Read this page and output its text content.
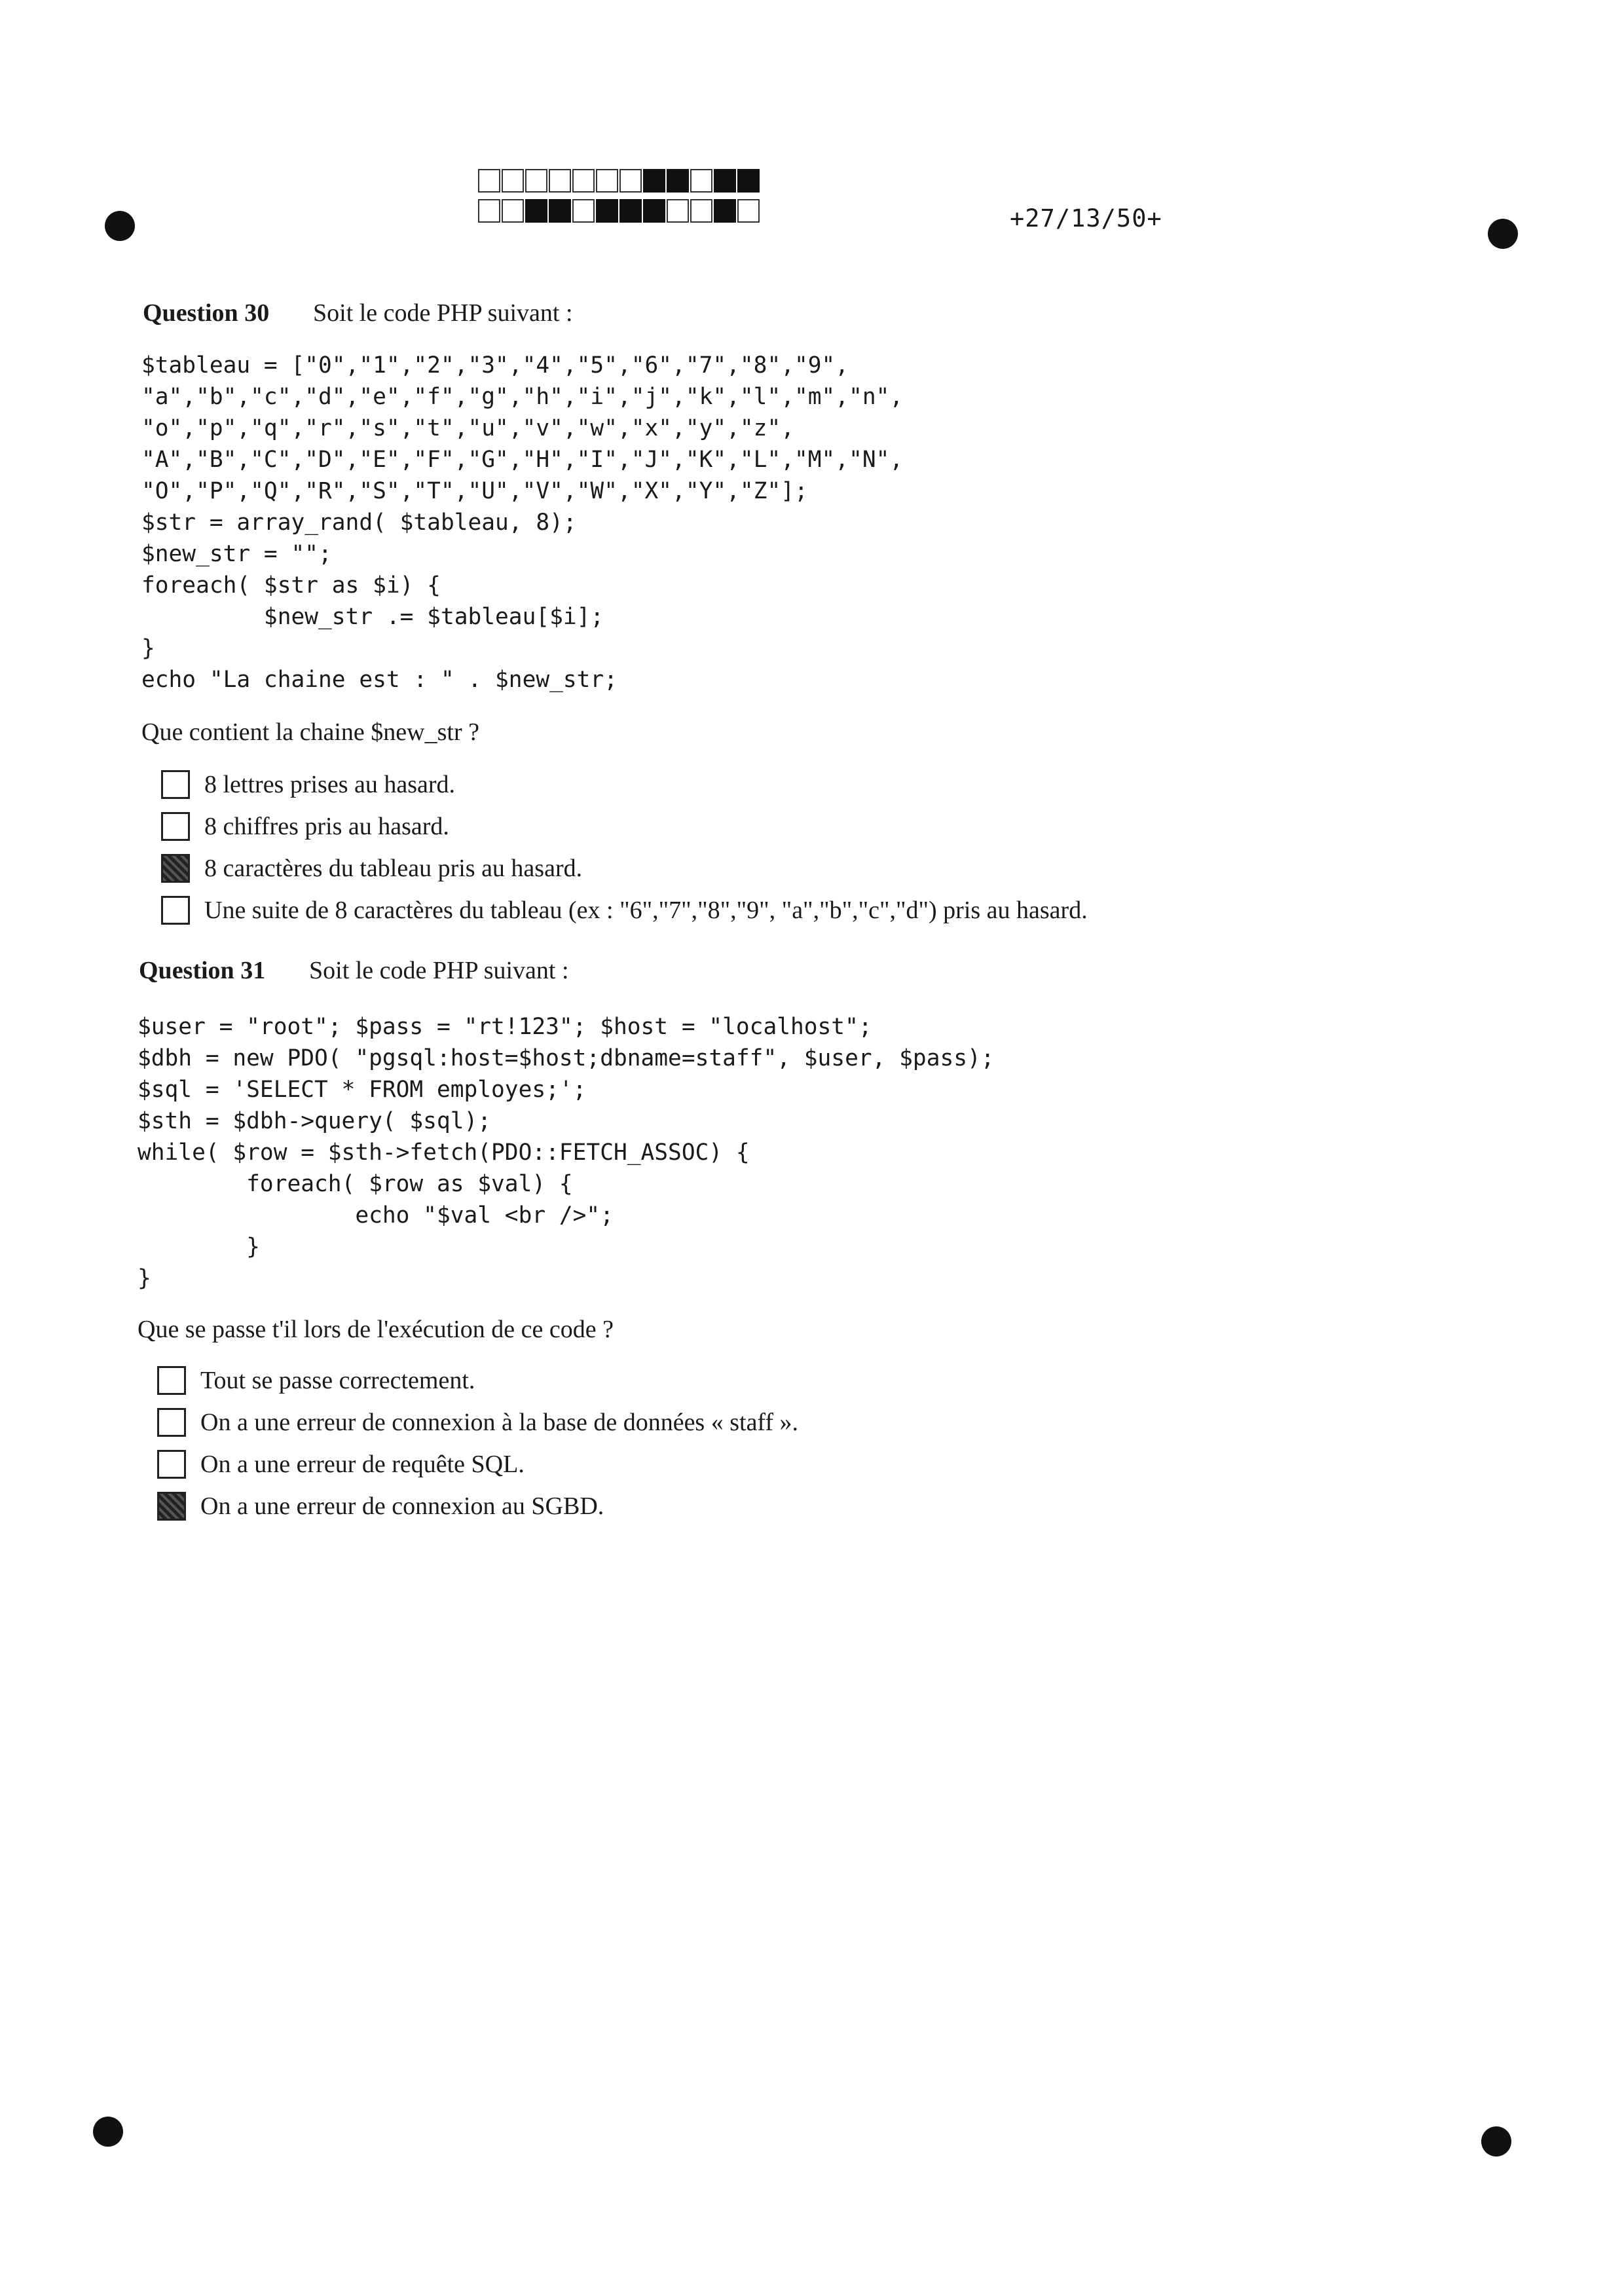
+27/13/50+
Question 30 Soit le code PHP suivant :
$tableau = ["0","1","2","3","4","5","6","7","8","9",
"a","b","c","d","e","f","g","h","i","j","k","l","m","n",
"o","p","q","r","s","t","u","v","w","x","y","z",
"A","B","C","D","E","F","G","H","I","J","K","L","M","N",
"O","P","Q","R","S","T","U","V","W","X","Y","Z"];
$str = array_rand( $tableau, 8);
$new_str = "";
foreach( $str as $i) {
$new_str .= $tableau[$i];
}
echo "La chaine est : " . $new_str;
Que contient la chaine $new_str ?
8 lettres prises au hasard.
8 chiffres pris au hasard.
8 caractères du tableau pris au hasard.
Une suite de 8 caractères du tableau (ex : "6","7","8","9", "a","b","c","d") pris au hasard.
Question 31 Soit le code PHP suivant :
$user = "root"; $pass = "rt!123"; $host = "localhost";
$dbh = new PDO( "pgsql:host=$host;dbname=staff", $user, $pass);
$sql = 'SELECT * FROM employes;';
$sth = $dbh->query( $sql);
while( $row = $sth->fetch(PDO::FETCH_ASSOC) {
foreach( $row as $val) {
echo "$val <br />";
}
}
Que se passe t'il lors de l'exécution de ce code ?
Tout se passe correctement.
On a une erreur de connexion à la base de données « staff ».
On a une erreur de requête SQL.
On a une erreur de connexion au SGBD.
